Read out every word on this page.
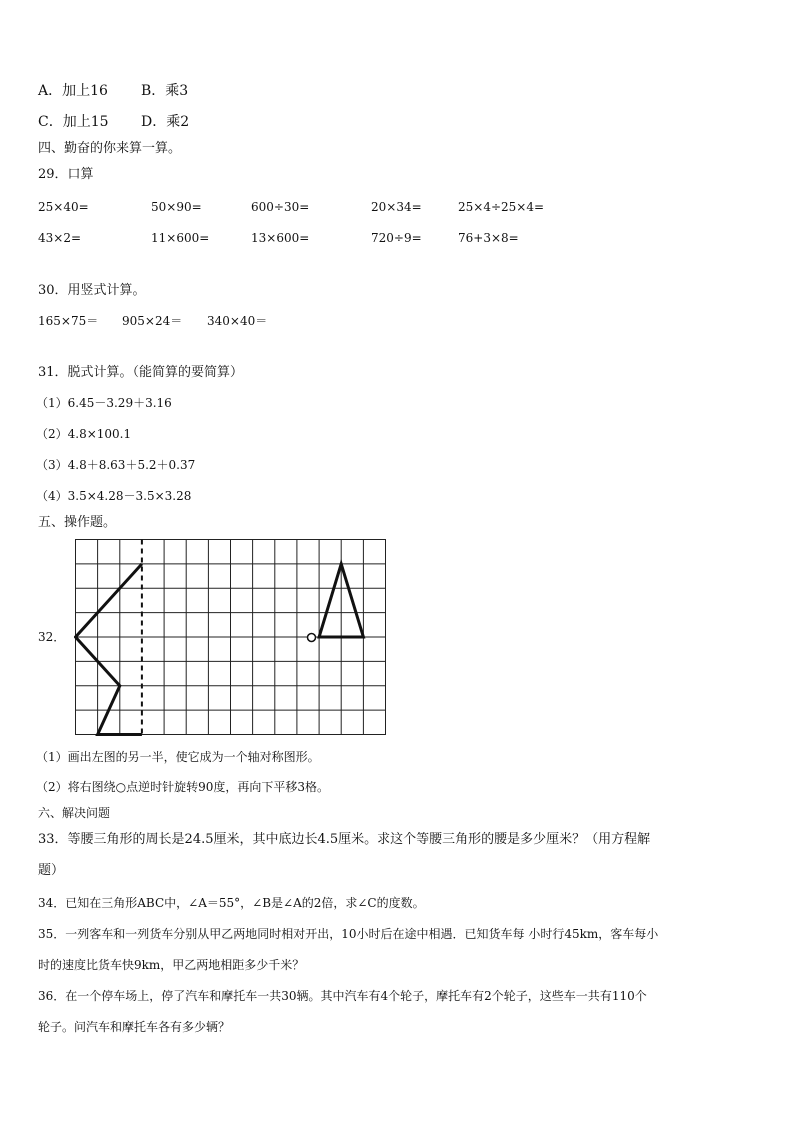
A．加上16 B．乘3
C．加上15 D．乘2
四、勤奋的你来算一算。
29．口算
25×40=	50×90=	600÷30=	20×34=	25×4÷25×4=
43×2=	11×600=	13×600=	720÷9=	76+3×8=
30．用竖式计算。
165×75＝ 905×24＝ 340×40＝
31．脱式计算。（能简算的要简算）
（1）6.45－3.29＋3.16
（2）4.8×100.1
（3）4.8＋8.63＋5.2＋0.37
（4）3.5×4.28－3.5×3.28
五、操作题。
32．
（1）画出左图的另一半，使它成为一个轴对称图形。
（2）将右图绕○点逆时针旋转90度，再向下平移3格。
六、解决问题
33．等腰三角形的周长是24.5厘米，其中底边长4.5厘米。求这个等腰三角形的腰是多少厘米？（用方程解
题）
34．已知在三角形ABC中，∠A＝55°，∠B是∠A的2倍，求∠C的度数。
35．一列客车和一列货车分别从甲乙两地同时相对开出，10小时后在途中相遇．已知货车每 小时行45km，客车每小
时的速度比货车快9km，甲乙两地相距多少千米？
36．在一个停车场上，停了汽车和摩托车一共30辆。其中汽车有4个轮子，摩托车有2个轮子，这些车一共有110个
轮子。问汽车和摩托车各有多少辆？
